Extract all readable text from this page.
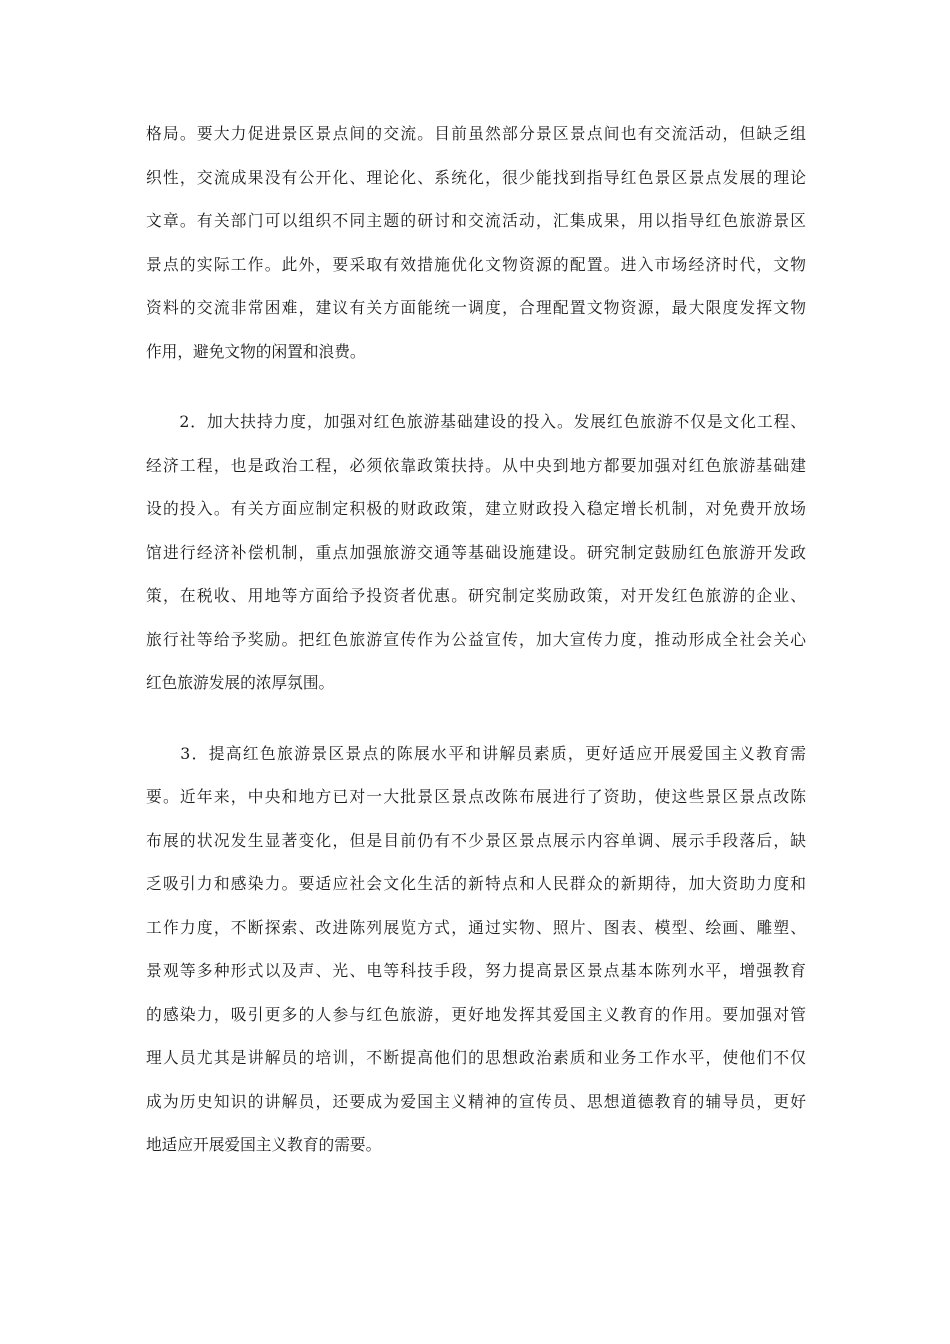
格局。要大力促进景区景点间的交流。目前虽然部分景区景点间也有交流活动，但缺乏组
织性，交流成果没有公开化、理论化、系统化，很少能找到指导红色景区景点发展的理论
文章。有关部门可以组织不同主题的研讨和交流活动，汇集成果，用以指导红色旅游景区
景点的实际工作。此外，要采取有效措施优化文物资源的配置。进入市场经济时代，文物
资料的交流非常困难，建议有关方面能统一调度，合理配置文物资源，最大限度发挥文物
作用，避免文物的闲置和浪费。
　　2．加大扶持力度，加强对红色旅游基础建设的投入。发展红色旅游不仅是文化工程、
经济工程，也是政治工程，必须依靠政策扶持。从中央到地方都要加强对红色旅游基础建
设的投入。有关方面应制定积极的财政政策，建立财政投入稳定增长机制，对免费开放场
馆进行经济补偿机制，重点加强旅游交通等基础设施建设。研究制定鼓励红色旅游开发政
策，在税收、用地等方面给予投资者优惠。研究制定奖励政策，对开发红色旅游的企业、
旅行社等给予奖励。把红色旅游宣传作为公益宣传，加大宣传力度，推动形成全社会关心
红色旅游发展的浓厚氛围。
　　3．提高红色旅游景区景点的陈展水平和讲解员素质，更好适应开展爱国主义教育需
要。近年来，中央和地方已对一大批景区景点改陈布展进行了资助，使这些景区景点改陈
布展的状况发生显著变化，但是目前仍有不少景区景点展示内容单调、展示手段落后，缺
乏吸引力和感染力。要适应社会文化生活的新特点和人民群众的新期待，加大资助力度和
工作力度，不断探索、改进陈列展览方式，通过实物、照片、图表、模型、绘画、雕塑、
景观等多种形式以及声、光、电等科技手段，努力提高景区景点基本陈列水平，增强教育
的感染力，吸引更多的人参与红色旅游，更好地发挥其爱国主义教育的作用。要加强对管
理人员尤其是讲解员的培训，不断提高他们的思想政治素质和业务工作水平，使他们不仅
成为历史知识的讲解员，还要成为爱国主义精神的宣传员、思想道德教育的辅导员，更好
地适应开展爱国主义教育的需要。
